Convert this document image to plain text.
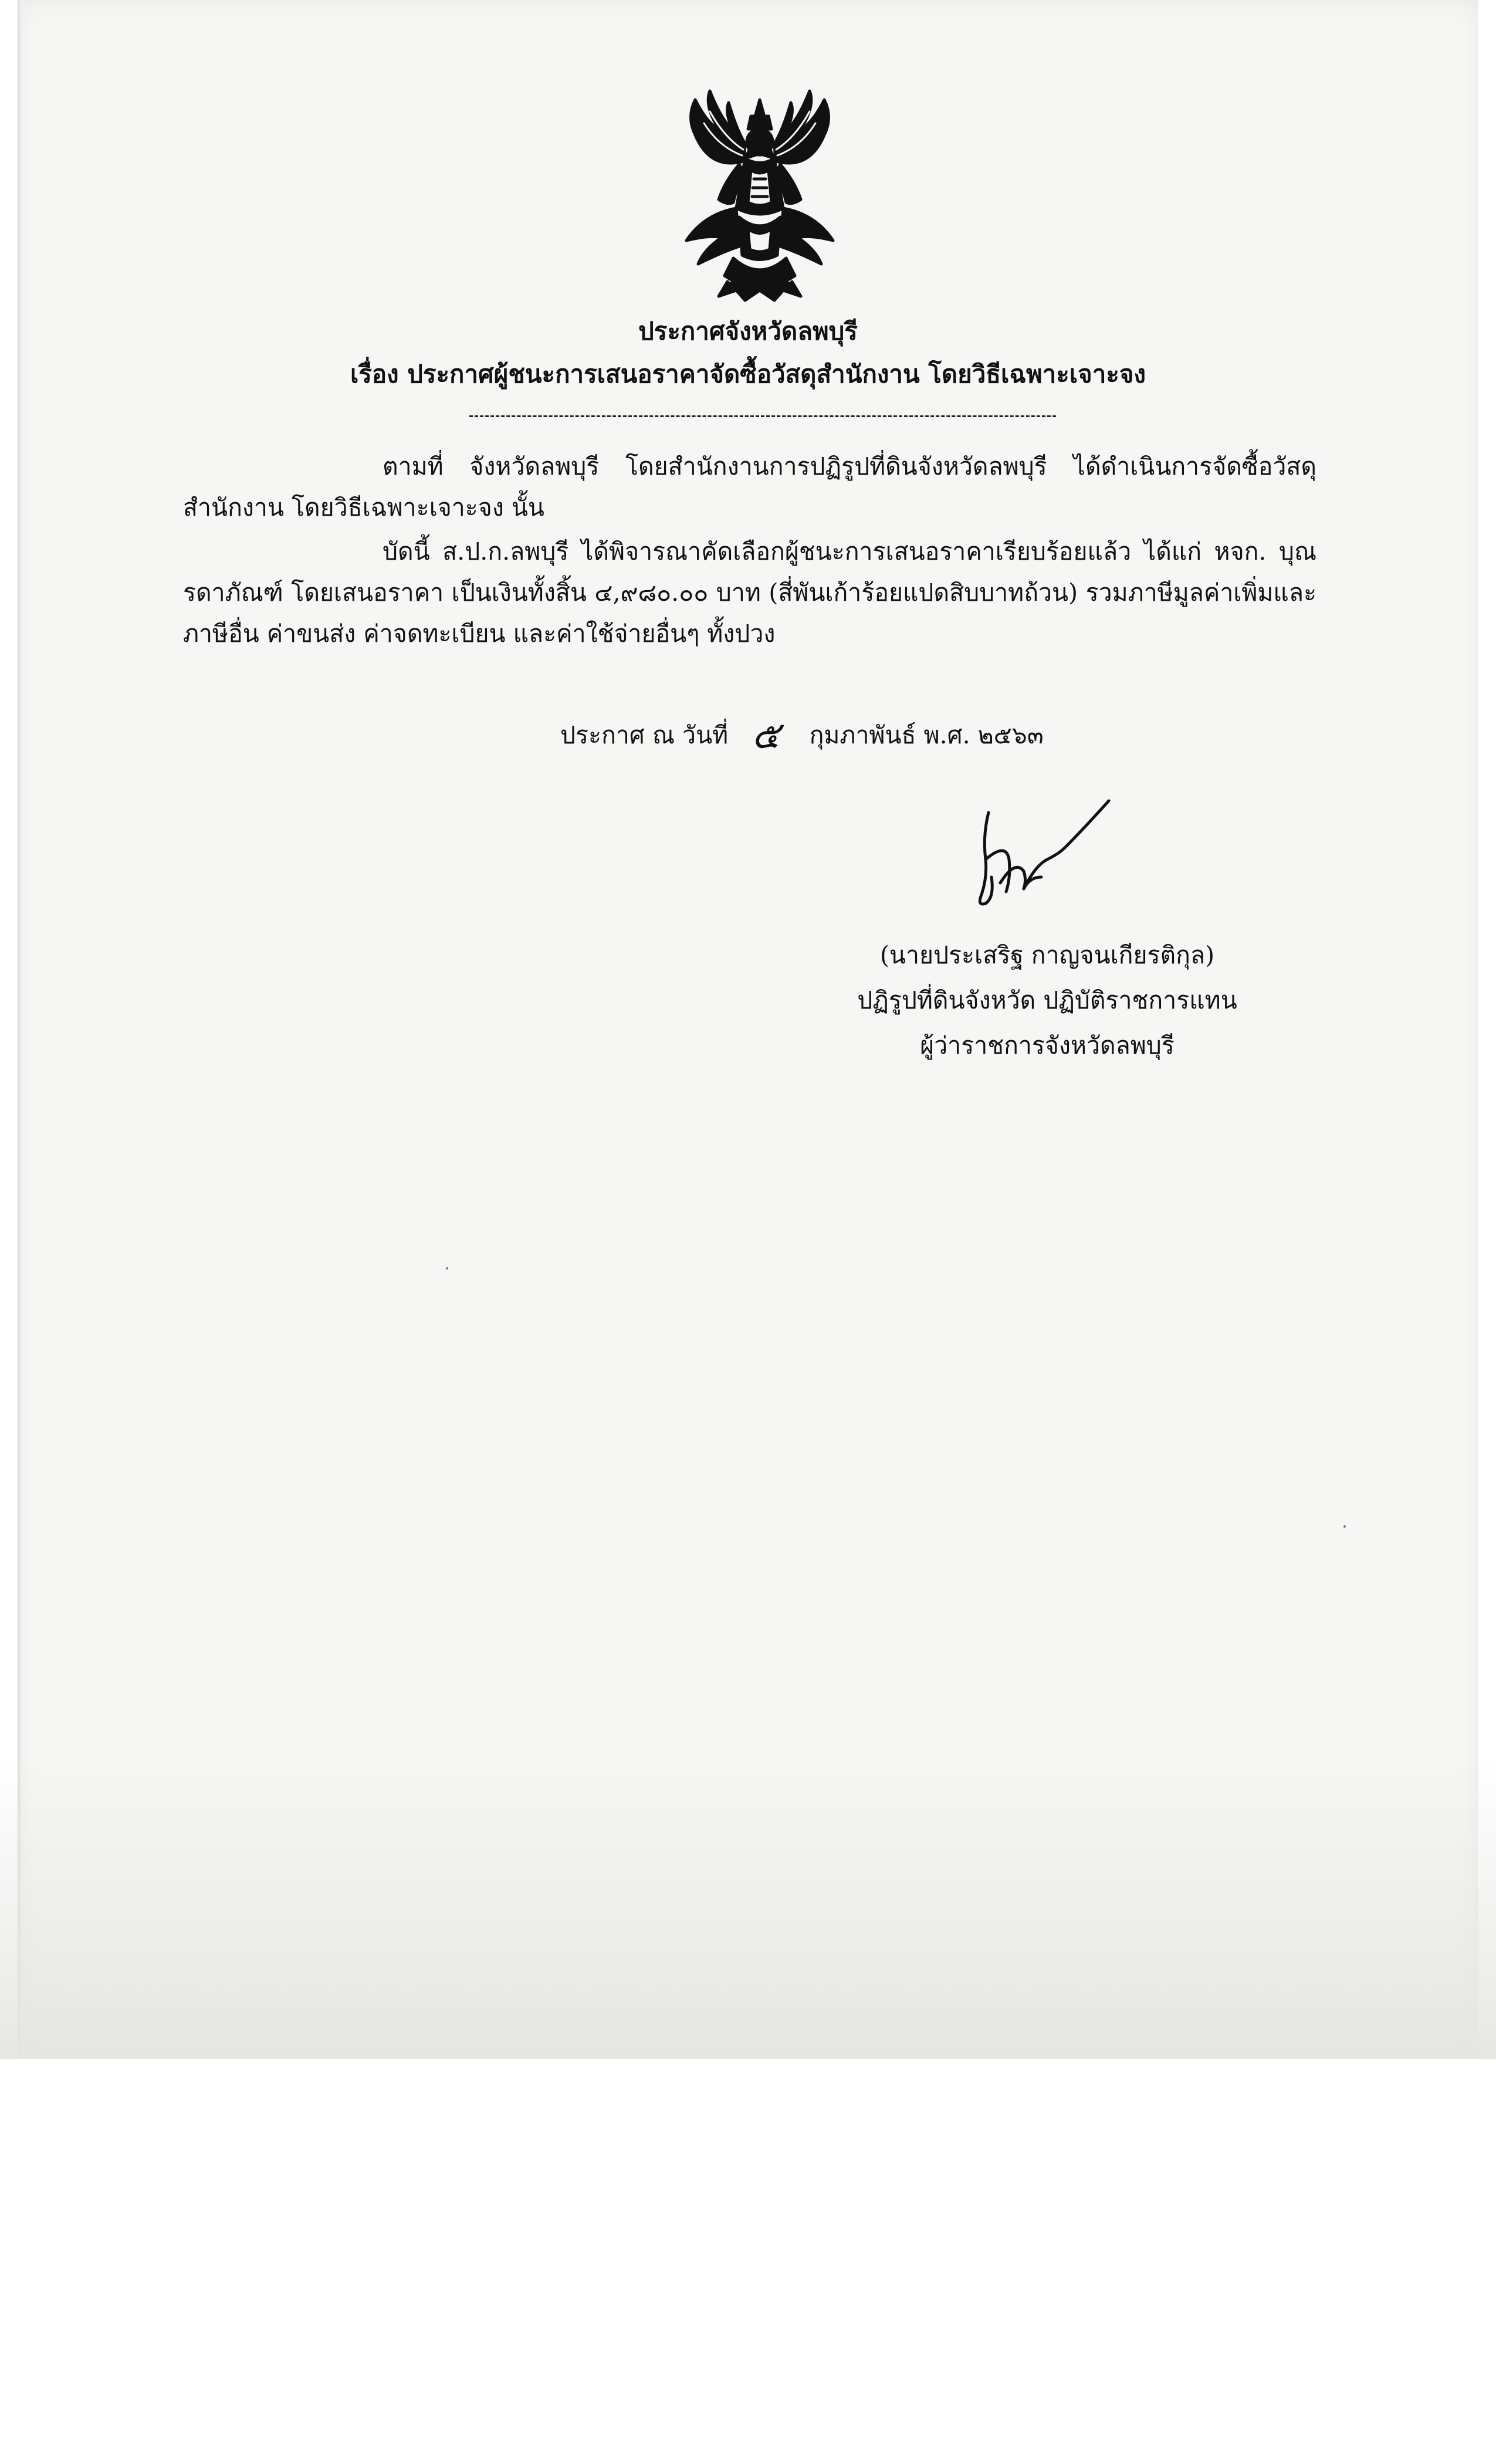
ประกาศจังหวัดลพบุรี
เรื่อง ประกาศผู้ชนะการเสนอราคาจัดซื้อวัสดุสำนักงาน โดยวิธีเฉพาะเจาะจง

ตามที่ จังหวัดลพบุรี โดยสำนักงานการปฏิรูปที่ดินจังหวัดลพบุรี ได้ดำเนินการจัดซื้อวัสดุสำนักงาน โดยวิธีเฉพาะเจาะจง นั้น

บัดนี้ ส.ป.ก.ลพบุรี ได้พิจารณาคัดเลือกผู้ชนะการเสนอราคาเรียบร้อยแล้ว ได้แก่ หจก. บุณรดาภัณฑ์ โดยเสนอราคา เป็นเงินทั้งสิ้น ๔,๙๘๐.๐๐ บาท (สี่พันเก้าร้อยแปดสิบบาทถ้วน) รวมภาษีมูลค่าเพิ่มและภาษีอื่น ค่าขนส่ง ค่าจดทะเบียน และค่าใช้จ่ายอื่นๆ ทั้งปวง

ประกาศ ณ วันที่ ๕ กุมภาพันธ์ พ.ศ. ๒๕๖๓
(นายประเสริฐ กาญจนเกียรติกุล)
ปฏิรูปที่ดินจังหวัด ปฏิบัติราชการแทน
ผู้ว่าราชการจังหวัดลพบุรี
